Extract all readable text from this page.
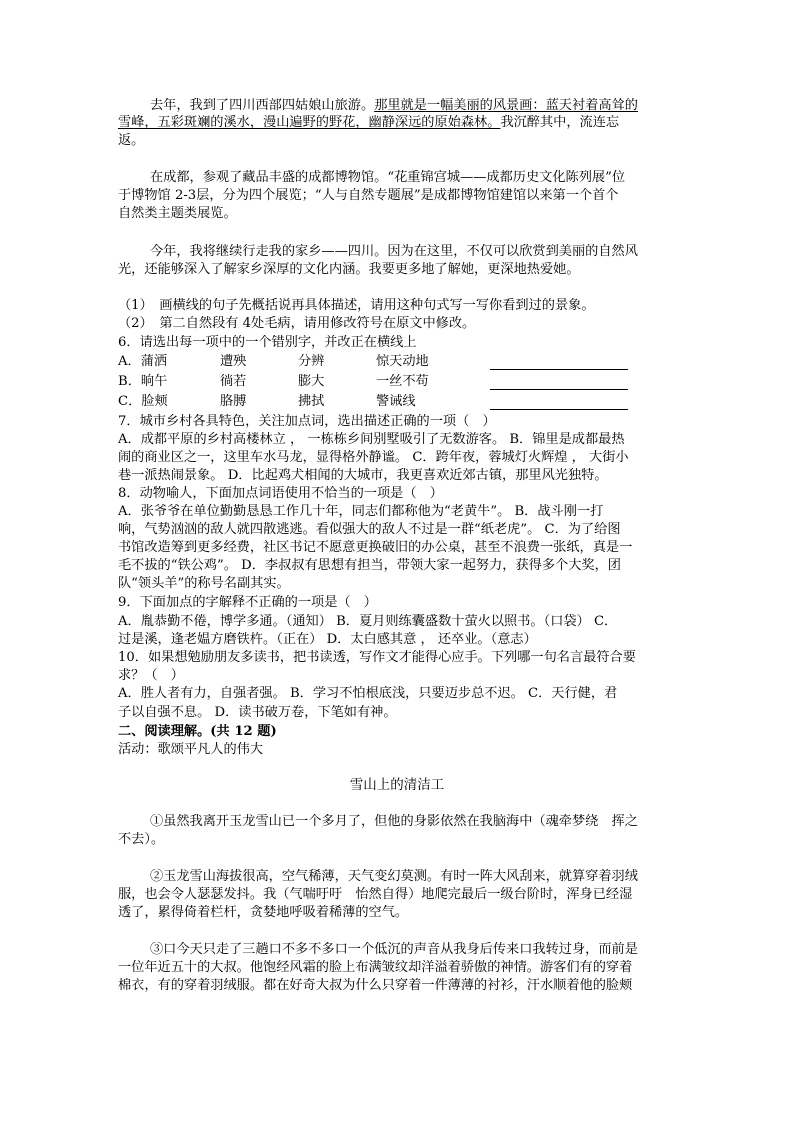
去年，我到了四川西部四姑娘山旅游。那里就是一幅美丽的风景画：蓝天衬着高耸的
雪峰，五彩斑斓的溪水，漫山遍野的野花，幽静深远的原始森林。我沉醉其中，流连忘
返。
在成都，参观了藏品丰盛的成都博物馆。“花重锦宫城——成都历史文化陈列展”位
于博物馆 2-3层，分为四个展览；“人与自然专题展”是成都博物馆建馆以来第一个首个
自然类主题类展览。
今年，我将继续行走我的家乡——四川。因为在这里，不仅可以欣赏到美丽的自然风
光，还能够深入了解家乡深厚的文化内涵。我要更多地了解她，更深地热爱她。
（1）　画横线的句子先概括说再具体描述，请用这种句式写一写你看到过的景象。
（2）　第二自然段有 4处毛病，请用修改符号在原文中修改。
6．请选出每一项中的一个错别字，并改正在横线上
A．蒲洒	遭殃	分辨	惊天动地
B．晌午	徜若	膨大	一丝不苟
C．脸颊	胳膊	拂拭	警诫线
7．城市乡村各具特色，关注加点词，选出描述正确的一项（　）
A．成都平原的乡村高楼林立 ， 一栋栋乡间别墅吸引了无数游客。 B．锦里是成都最热
闹的商业区之一，这里车水马龙，显得格外静谧。 C．跨年夜，蓉城灯火辉煌 ， 大街小
巷一派热闹景象。 D．比起鸡犬相闻的大城市，我更喜欢近郊古镇，那里风光独特。
8．动物喻人，下面加点词语使用不恰当的一项是（　）
A．张爷爷在单位勤勤恳恳工作几十年，同志们都称他为“老黄牛”。 B．战斗刚一打
响，气势汹汹的敌人就四散逃逃。看似强大的敌人不过是一群“纸老虎”。 C．为了给图
书馆改造筹到更多经费，社区书记不愿意更换破旧的办公桌，甚至不浪费一张纸，真是一
毛不拔的“铁公鸡”。 D．李叔叔有思想有担当，带领大家一起努力，获得多个大奖，团
队“领头羊”的称号名副其实。
9．下面加点的字解释不正确的一项是（　）
A．胤恭勤不倦，博学多通。（通知） B．夏月则练囊盛数十萤火以照书。（口袋） C．
过是溪，逢老媪方磨铁杵。（正在） D．太白感其意 ， 还卒业。（意志）
10．如果想勉励朋友多读书，把书读透，写作文才能得心应手。下列哪一句名言最符合要
求？（　）
A．胜人者有力，自强者强。 B．学习不怕根底浅，只要迈步总不迟。 C．天行健，君
子以自强不息。 D．读书破万卷，下笔如有神。
二、阅读理解。(共 12 题)
活动：歌颂平凡人的伟大
雪山上的清洁工
①虽然我离开玉龙雪山已一个多月了，但他的身影依然在我脑海中（魂牵梦绕　挥之
不去）。
②玉龙雪山海拔很高，空气稀薄，天气变幻莫测。有时一阵大风刮来，就算穿着羽绒
服，也会令人瑟瑟发抖。我（气喘吁吁　怡然自得）地爬完最后一级台阶时，浑身已经湿
透了，累得倚着栏杆，贪婪地呼吸着稀薄的空气。
③口今天只走了三趟口不多不多口一个低沉的声音从我身后传来口我转过身，而前是
一位年近五十的大叔。他饱经风霜的脸上布满皱纹却洋溢着骄傲的神情。游客们有的穿着
棉衣，有的穿着羽绒服。都在好奇大叔为什么只穿着一件薄薄的衬衫，汗水顺着他的脸颊
